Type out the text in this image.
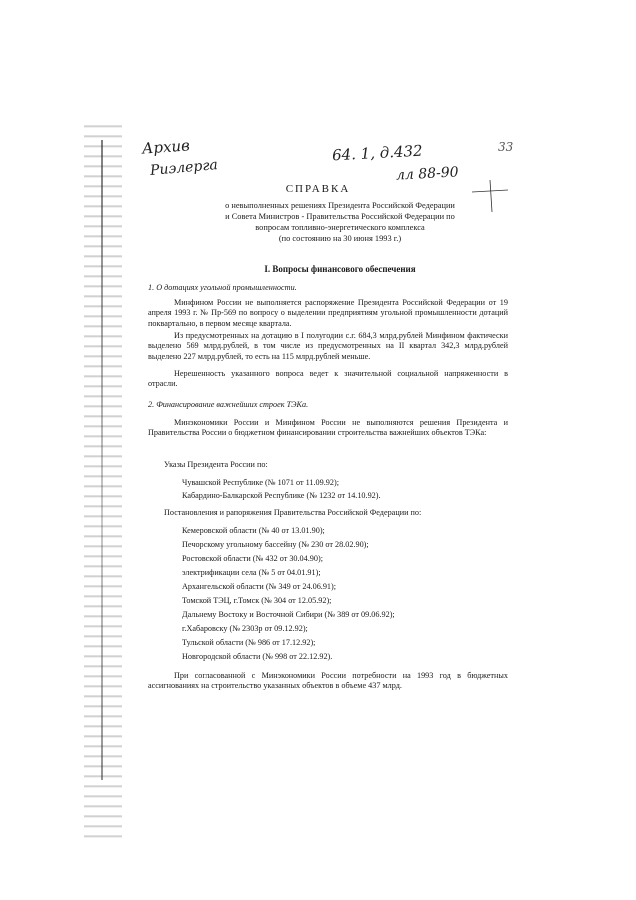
Архив
Риэлерга
64. 1, д.432
лл 88-90
33
СПРАВКА
о невыполненных решениях Президента Российской Федерации
и Совета Министров - Правительства Российской Федерации по
вопросам топливно-энергетического комплекса
(по состоянию на 30 июня 1993 г.)
I. Вопросы финансового обеспечения
1. О дотациях угольной промышленности.
Минфином России не выполняется распоряжение Президента Российской Федерации от 19 апреля 1993 г. № Пр-569 по вопросу о выделении предприятиям угольной промышленности дотаций поквартально, в первом месяце квартала.
Из предусмотренных на дотацию в I полугодии с.г. 684,3 млрд.рублей Минфином фактически выделено 569 млрд.рублей, в том числе из предусмотренных на II квартал 342,3 млрд.рублей выделено 227 млрд.рублей, то есть на 115 млрд.рублей меньше.
Нерешенность указанного вопроса ведет к значительной социальной напряженности в отрасли.
2. Финансирование важнейших строек ТЭКа.
Минэкономики России и Минфином России не выполняются решения Президента и Правительства России о бюджетном финансировании строительства важнейших объектов ТЭКа:
Указы Президента России по:
Чувашской Республике (№ 1071 от 11.09.92);
Кабардино-Балкарской Республике (№ 1232 от 14.10.92).
Постановления и рапоряжения Правительства Российской Федерации по:
Кемеровской области (№ 40 от 13.01.90);
Печорскому угольному бассейну (№ 230 от 28.02.90);
Ростовской области (№ 432 от 30.04.90);
электрификации села (№ 5 от 04.01.91);
Архангельской области (№ 349 от 24.06.91);
Томской ТЭЦ, г.Томск (№ 304 от 12.05.92);
Дальнему Востоку и Восточной Сибири (№ 389 от 09.06.92);
г.Хабаровску (№ 2303р от 09.12.92);
Тульской области (№ 986 от 17.12.92);
Новгородской области (№ 998 от 22.12.92).
При согласованной с Минэкономики России потребности на 1993 год в бюджетных ассигнованиях на строительство указанных объектов в объеме 437 млрд.
